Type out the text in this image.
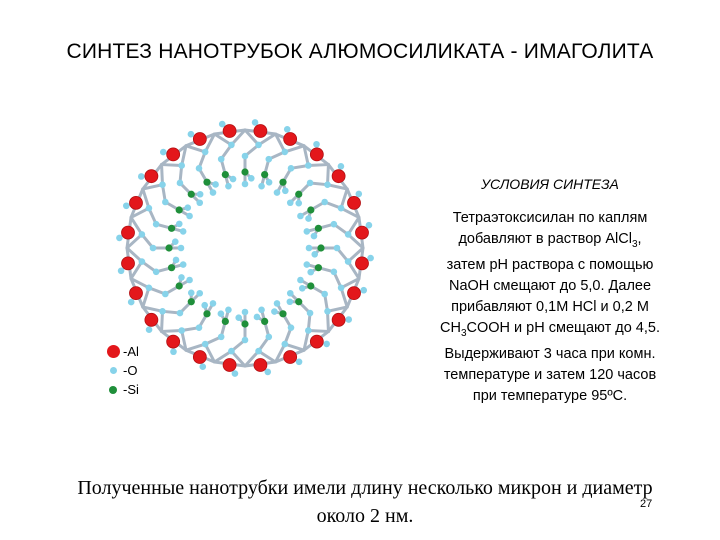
СИНТЕЗ НАНОТРУБОК АЛЮМОСИЛИКАТА - ИМАГОЛИТА
УСЛОВИЯ СИНТЕЗА
Тетраэтоксисилан по каплям
добавляют в раствор AlCl$_3$,
затем pH раствора с помощью
NaOH смещают до 5,0. Далее
прибавляют 0,1М HCl и 0,2 М
$CH_3COOH$ и pH смещают до 4,5.
Выдерживают 3 часа при комн.
температуре и затем 120 часов
при температуре 95ºС.
-Al
-O
-Si
Полученные нанотрубки имели длину несколько микрон и диаметр
около 2 нм.
27
